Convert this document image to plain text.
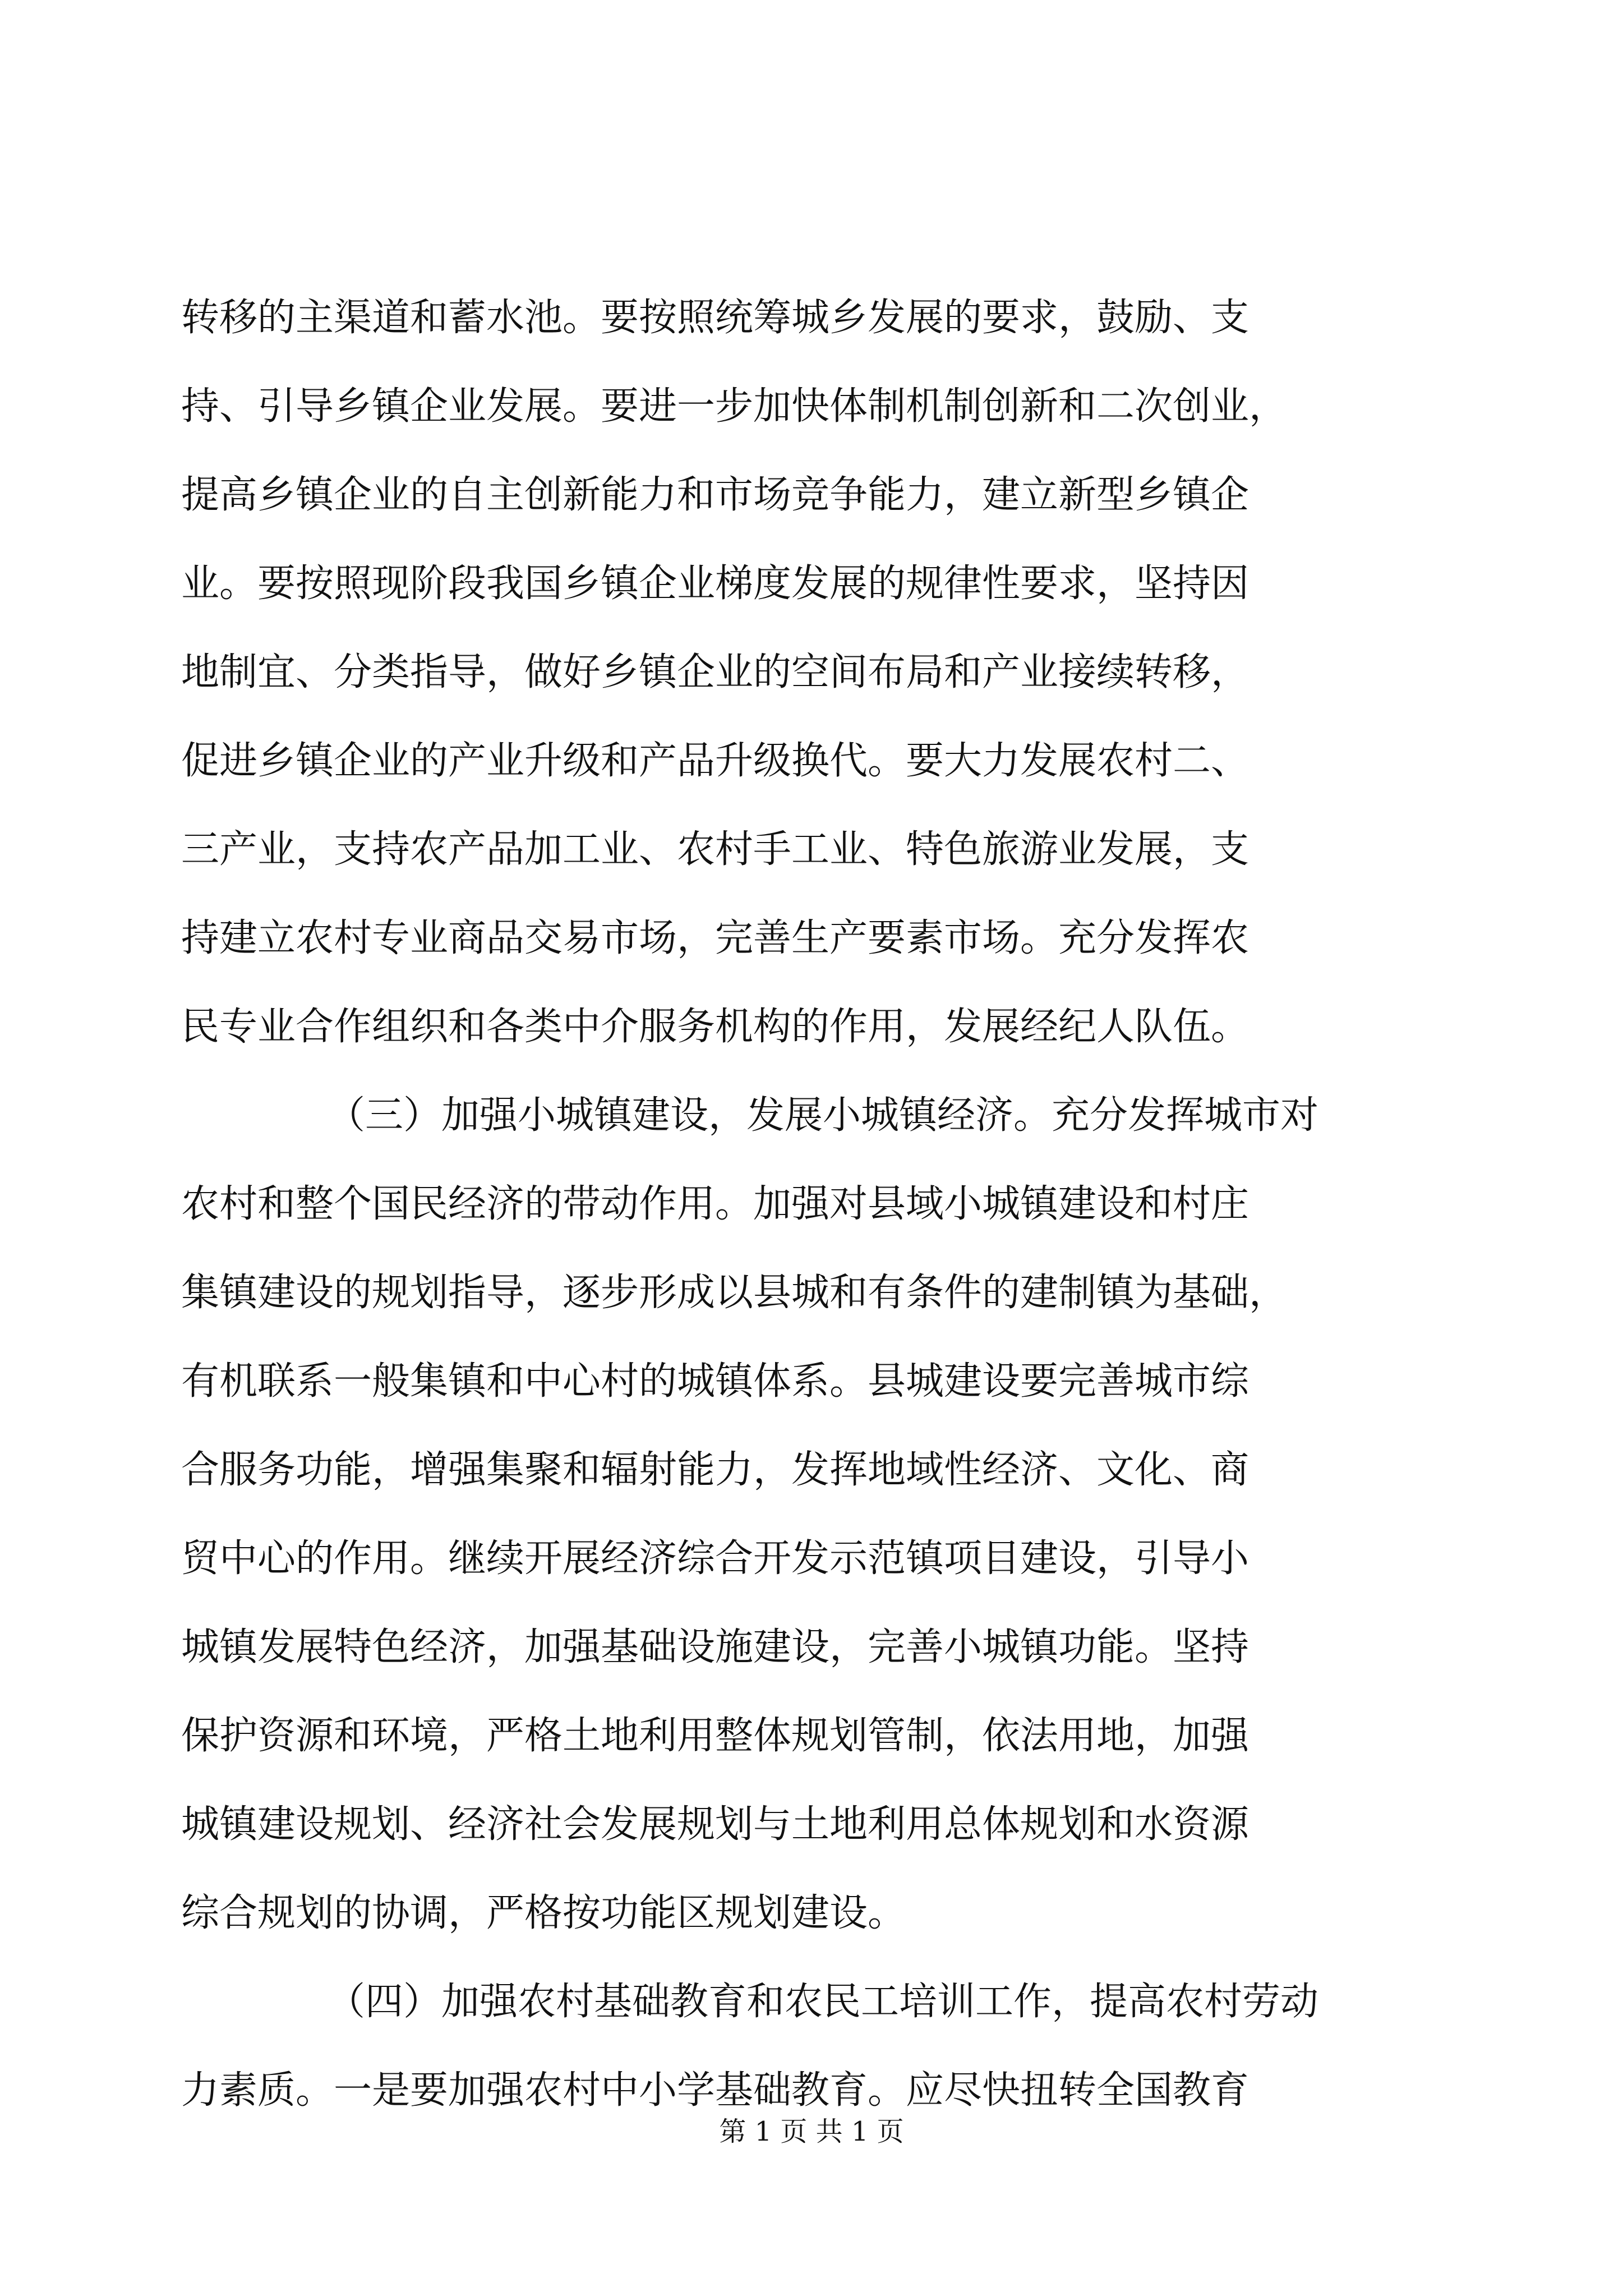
转移的主渠道和蓄水池。要按照统筹城乡发展的要求，鼓励、支
持、引导乡镇企业发展。要进一步加快体制机制创新和二次创业，
提高乡镇企业的自主创新能力和市场竞争能力，建立新型乡镇企
业。要按照现阶段我国乡镇企业梯度发展的规律性要求，坚持因
地制宜、分类指导，做好乡镇企业的空间布局和产业接续转移，
促进乡镇企业的产业升级和产品升级换代。要大力发展农村二、
三产业，支持农产品加工业、农村手工业、特色旅游业发展，支
持建立农村专业商品交易市场，完善生产要素市场。充分发挥农
民专业合作组织和各类中介服务机构的作用，发展经纪人队伍。
（三）加强小城镇建设，发展小城镇经济。充分发挥城市对
农村和整个国民经济的带动作用。加强对县域小城镇建设和村庄
集镇建设的规划指导，逐步形成以县城和有条件的建制镇为基础，
有机联系一般集镇和中心村的城镇体系。县城建设要完善城市综
合服务功能，增强集聚和辐射能力，发挥地域性经济、文化、商
贸中心的作用。继续开展经济综合开发示范镇项目建设，引导小
城镇发展特色经济，加强基础设施建设，完善小城镇功能。坚持
保护资源和环境，严格土地利用整体规划管制，依法用地，加强
城镇建设规划、经济社会发展规划与土地利用总体规划和水资源
综合规划的协调，严格按功能区规划建设。
（四）加强农村基础教育和农民工培训工作，提高农村劳动
力素质。一是要加强农村中小学基础教育。应尽快扭转全国教育
第 1 页 共 1 页
